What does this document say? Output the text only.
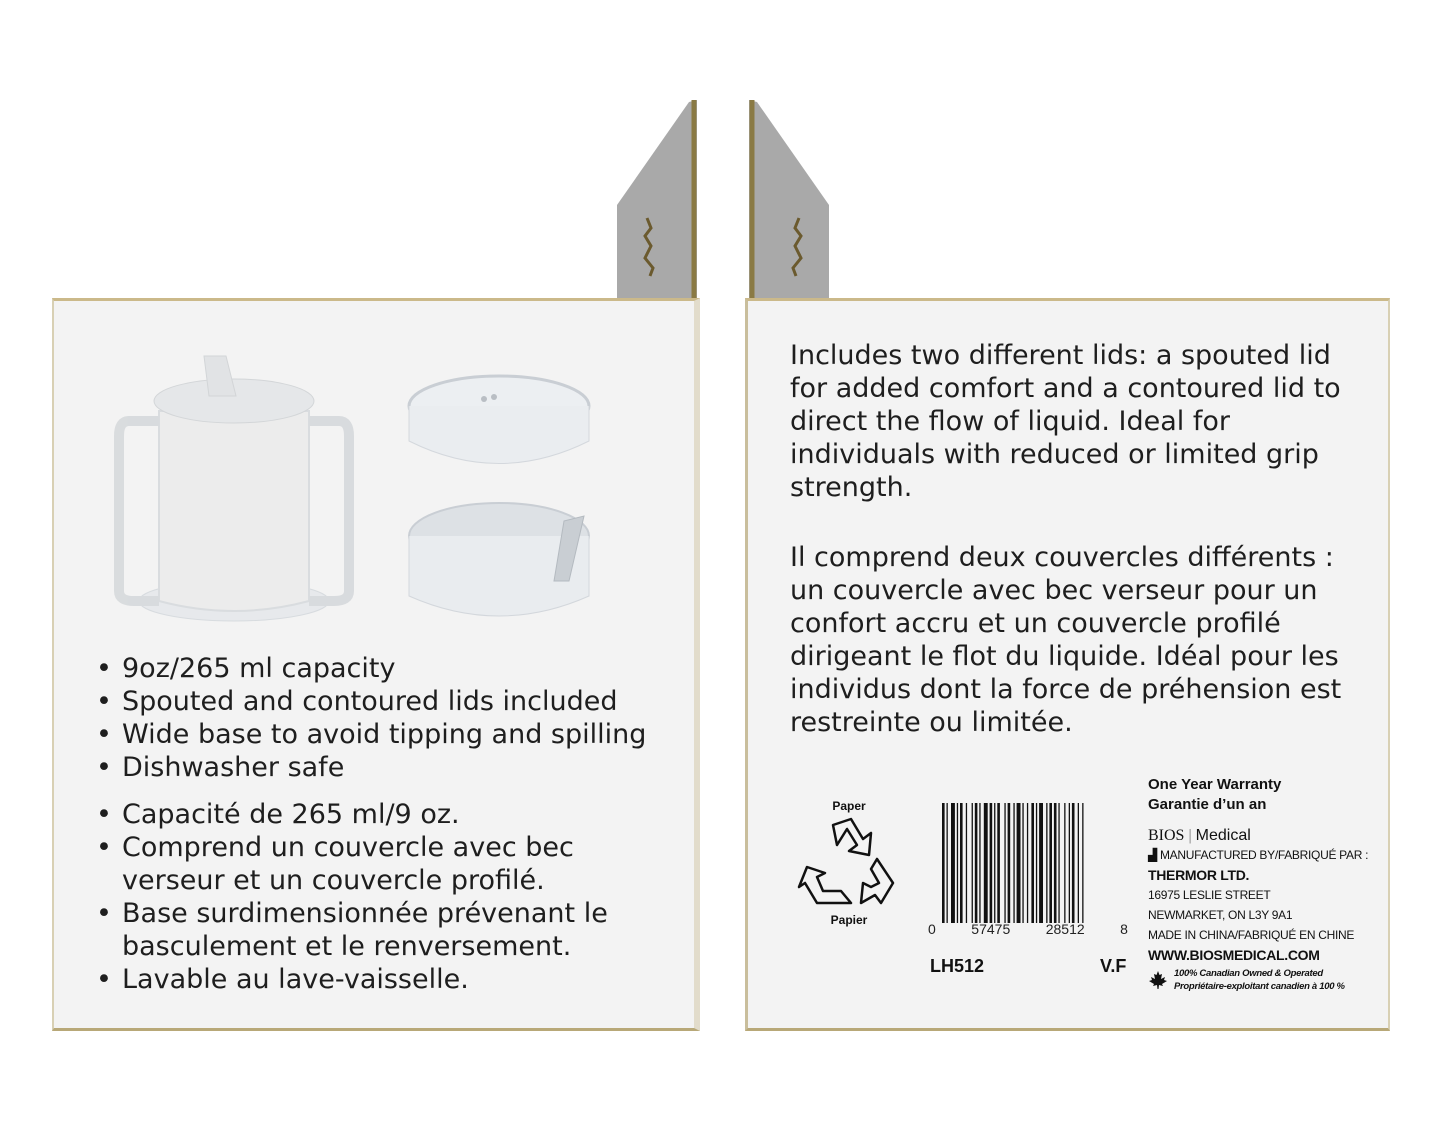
• 9oz/265 ml capacity
• Spouted and contoured lids included
• Wide base to avoid tipping and spilling
• Dishwasher safe
• Capacité de 265 ml/9 oz.
• Comprend un couvercle avec bec verseur et un couvercle profilé.
• Base surdimensionnée prévenant le basculement et le renversement.
• Lavable au lave-vaisselle.

Includes two different lids: a spouted lid for added comfort and a contoured lid to direct the flow of liquid. Ideal for individuals with reduced or limited grip strength.

Il comprend deux couvercles différents : un couvercle avec bec verseur pour un confort accru et un couvercle profilé dirigeant le flot du liquide. Idéal pour les individus dont la force de préhension est restreinte ou limitée.

Paper
Papier
0	57475	28512	8
LH512	V.F
One Year Warranty
Garantie d’un an
BIOS | Medical
▟ MANUFACTURED BY/FABRIQUÉ PAR :
THERMOR LTD.
16975 LESLIE STREET
NEWMARKET, ON L3Y 9A1
MADE IN CHINA/FABRIQUÉ EN CHINE
WWW.BIOSMEDICAL.COM
100% Canadian Owned & Operated
Propriétaire-exploitant canadien à 100 %
